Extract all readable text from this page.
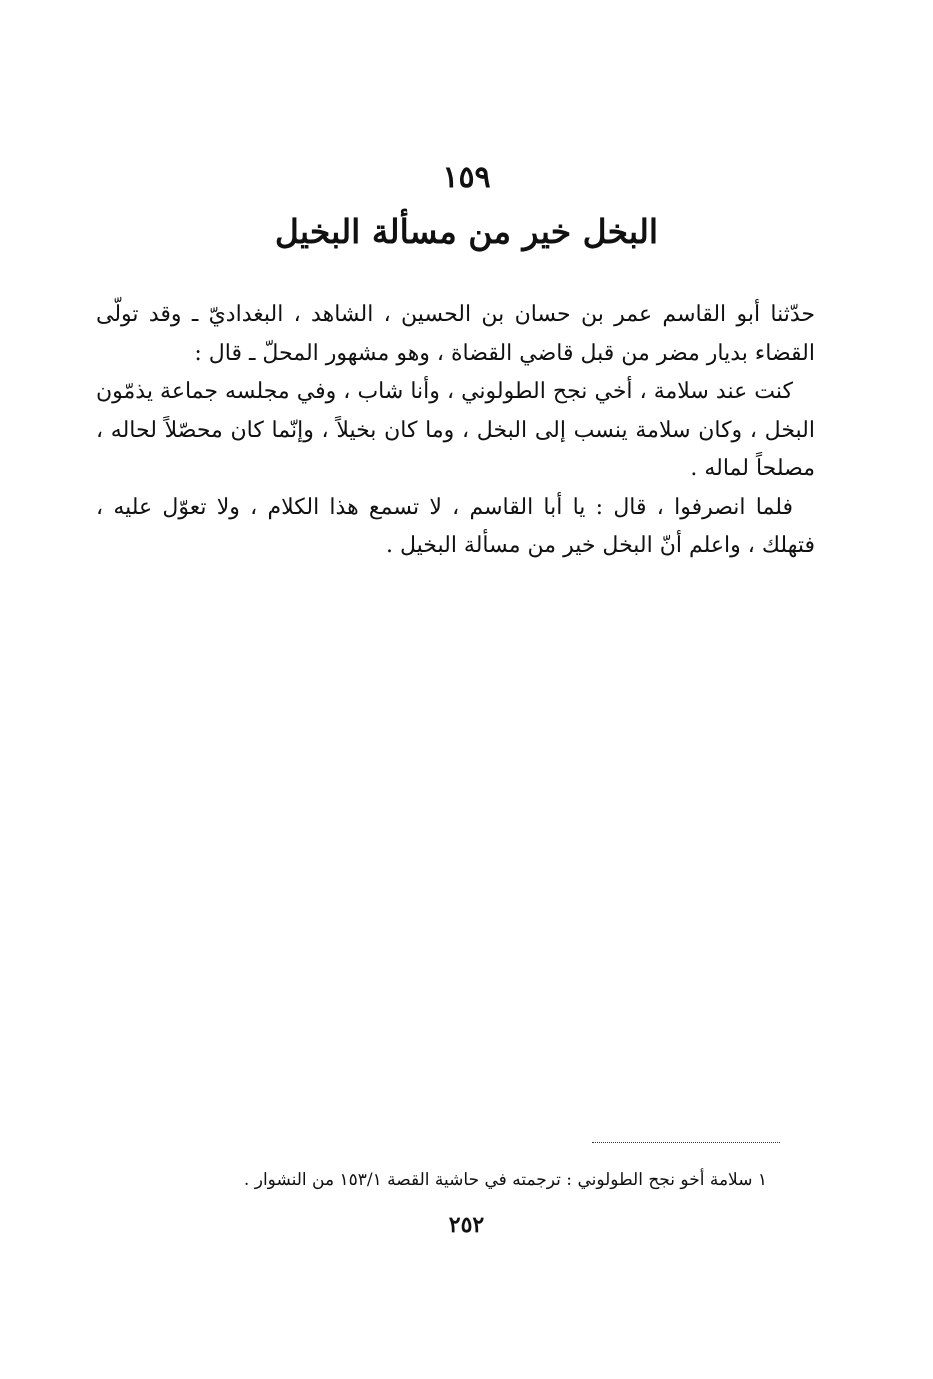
١٥٩
البخل خير من مسألة البخيل

حدّثنا أبو القاسم عمر بن حسان بن الحسين ، الشاهد ، البغداديّ ـ وقد تولّى القضاء بديار مضر من قبل قاضي القضاة ، وهو مشهور المحلّ ـ قال :

كنت عند سلامة ، أخي نجح الطولوني ، وأنا شاب ، وفي مجلسه جماعة يذمّون البخل ، وكان سلامة ينسب إلى البخل ، وما كان بخيلاً ، وإنّما كان محصّلاً لحاله ، مصلحاً لماله .

فلما انصرفوا ، قال : يا أبا القاسم ، لا تسمع هذا الكلام ، ولا تعوّل عليه ، فتهلك ، واعلم أنّ البخل خير من مسألة البخيل .

١ سلامة أخو نجح الطولوني : ترجمته في حاشية القصة ١٥٣/١ من النشوار .
٢٥٢
